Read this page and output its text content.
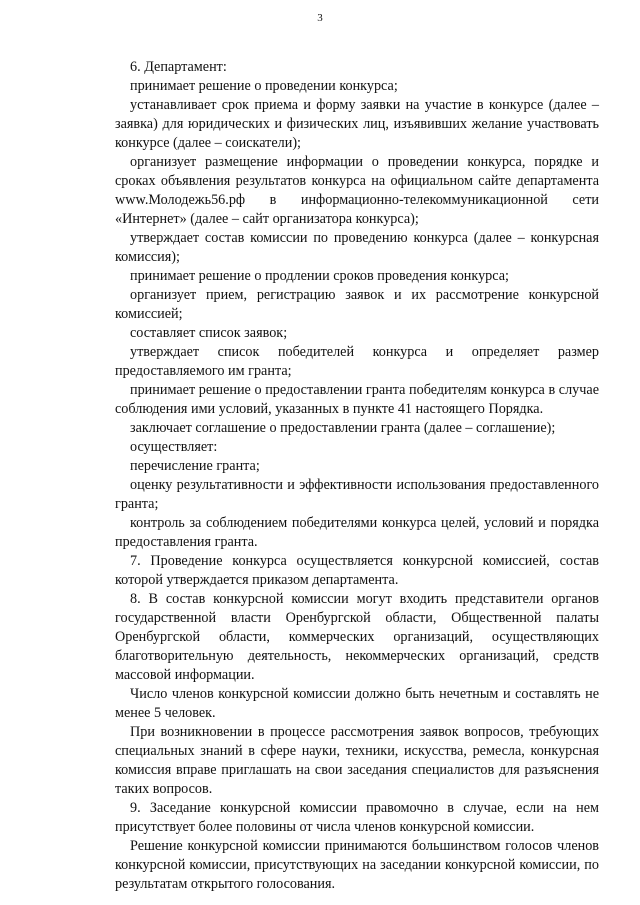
3

6. Департамент:

принимает решение о проведении конкурса;

устанавливает срок приема и форму заявки на участие в конкурсе (далее – заявка) для юридических и физических лиц, изъявивших желание участвовать конкурсе (далее – соискатели);

организует размещение информации о проведении конкурса, порядке и сроках объявления результатов конкурса на официальном сайте департамента www.Молодежь56.рф в информационно-телекоммуникационной сети «Интернет» (далее – сайт организатора конкурса);

утверждает состав комиссии по проведению конкурса (далее – конкурсная комиссия);

принимает решение о продлении сроков проведения конкурса;

организует прием, регистрацию заявок и их рассмотрение конкурсной комиссией;

составляет список заявок;

утверждает список победителей конкурса и определяет размер предоставляемого им гранта;

принимает решение о предоставлении гранта победителям конкурса в случае соблюдения ими условий, указанных в пункте 41 настоящего Порядка.

заключает соглашение о предоставлении гранта (далее – соглашение);

осуществляет:

перечисление гранта;

оценку результативности и эффективности использования предоставленного гранта;

контроль за соблюдением победителями конкурса целей, условий и порядка предоставления гранта.

7. Проведение конкурса осуществляется конкурсной комиссией, состав которой утверждается приказом департамента.

8. В состав конкурсной комиссии могут входить представители органов государственной власти Оренбургской области, Общественной палаты Оренбургской области, коммерческих организаций, осуществляющих благотворительную деятельность, некоммерческих организаций, средств массовой информации.

Число членов конкурсной комиссии должно быть нечетным и составлять не менее 5 человек.

При возникновении в процессе рассмотрения заявок вопросов, требующих специальных знаний в сфере науки, техники, искусства, ремесла, конкурсная комиссия вправе приглашать на свои заседания специалистов для разъяснения таких вопросов.

9. Заседание конкурсной комиссии правомочно в случае, если на нем присутствует более половины от числа членов конкурсной комиссии.

Решение конкурсной комиссии принимаются большинством голосов членов конкурсной комиссии, присутствующих на заседании конкурсной комиссии, по результатам открытого голосования.
